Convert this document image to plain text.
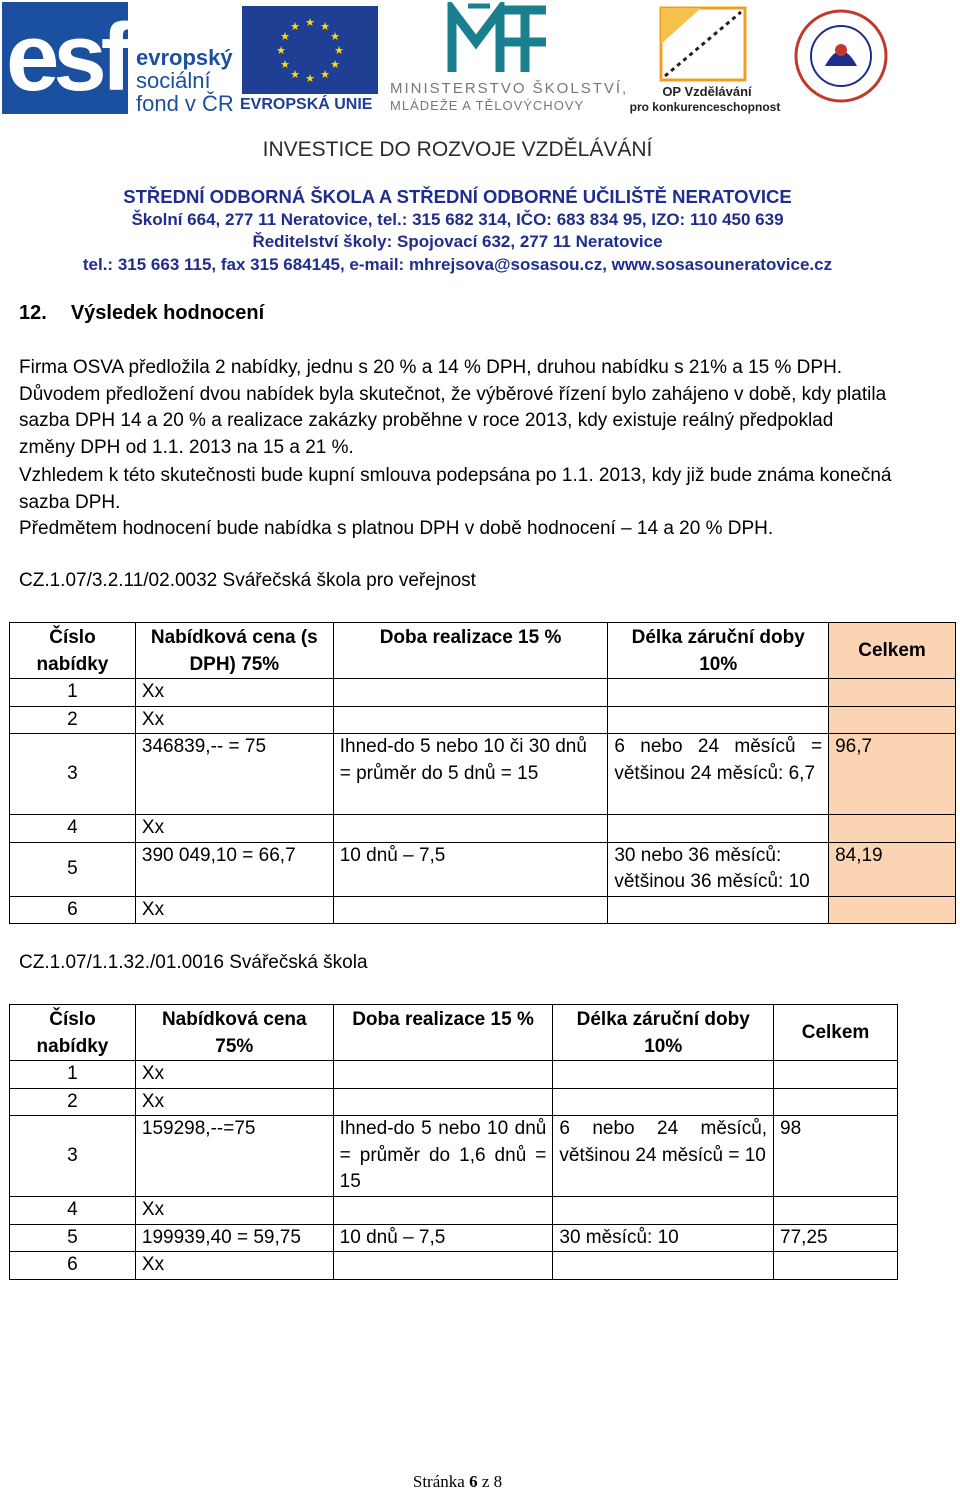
esf evropský
sociální
fond v ČR
★ ★
★
★
★
★
★
★
★
★
★
★
EVROPSKÁ UNIE
MINISTERSTVO ŠKOLSTVÍ,
MLÁDEŽE A TĚLOVÝCHOVY
OP Vzdělávání
pro konkurenceschopnost
INVESTICE DO ROZVOJE VZDĚLÁVÁNÍ
STŘEDNÍ ODBORNÁ ŠKOLA A STŘEDNÍ ODBORNÉ UČILIŠTĚ NERATOVICE
Školní 664, 277 11 Neratovice, tel.: 315 682 314, IČO: 683 834 95, IZO: 110 450 639
Ředitelství školy: Spojovací 632, 277 11 Neratovice
tel.: 315 663 115, fax 315 684145, e-mail: mhrejsova@sosasou.cz, www.sosasouneratovice.cz
12. Výsledek hodnocení
Firma OSVA předložila 2 nabídky, jednu s 20 % a 14 % DPH, druhou nabídku s 21% a 15 % DPH.
Důvodem předložení dvou nabídek byla skutečnot, že výběrové řízení bylo zahájeno v době, kdy platila
sazba DPH 14 a 20 % a realizace zakázky proběhne v roce 2013, kdy existuje reálný předpoklad
změny DPH od 1.1. 2013 na 15 a 21 %.
Vzhledem k této skutečnosti bude kupní smlouva podepsána po 1.1. 2013, kdy již bude známa konečná
sazba DPH.
Předmětem hodnocení bude nabídka s platnou DPH v době hodnocení – 14 a 20 % DPH.
CZ.1.07/3.2.11/02.0032 Svářečská škola pro veřejnost
Číslo nabídky	Nabídková cena (s DPH) 75%	Doba realizace 15 %	Délka záruční doby 10%	Celkem
1	Xx			
2	Xx			
3	346839,-- = 75	Ihned-do 5 nebo 10 či 30 dnů = průměr do 5 dnů = 15	6 nebo 24 měsíců = většinou 24 měsíců: 6,7	96,7
4	Xx			
5	390 049,10 = 66,7	10 dnů – 7,5	30 nebo 36 měsíců: většinou 36 měsíců: 10	84,19
6	Xx			
CZ.1.07/1.1.32./01.0016 Svářečská škola
Číslo nabídky	Nabídková cena 75%	Doba realizace 15 %	Délka záruční doby 10%	Celkem
1	Xx			
2	Xx			
3	159298,--=75	Ihned-do 5 nebo 10 dnů = průměr do 1,6 dnů = 15	6 nebo 24 měsíců, většinou 24 měsíců = 10	98
4	Xx			
5	199939,40 = 59,75	10 dnů – 7,5	30 měsíců: 10	77,25
6	Xx			
Stránka 6 z 8
